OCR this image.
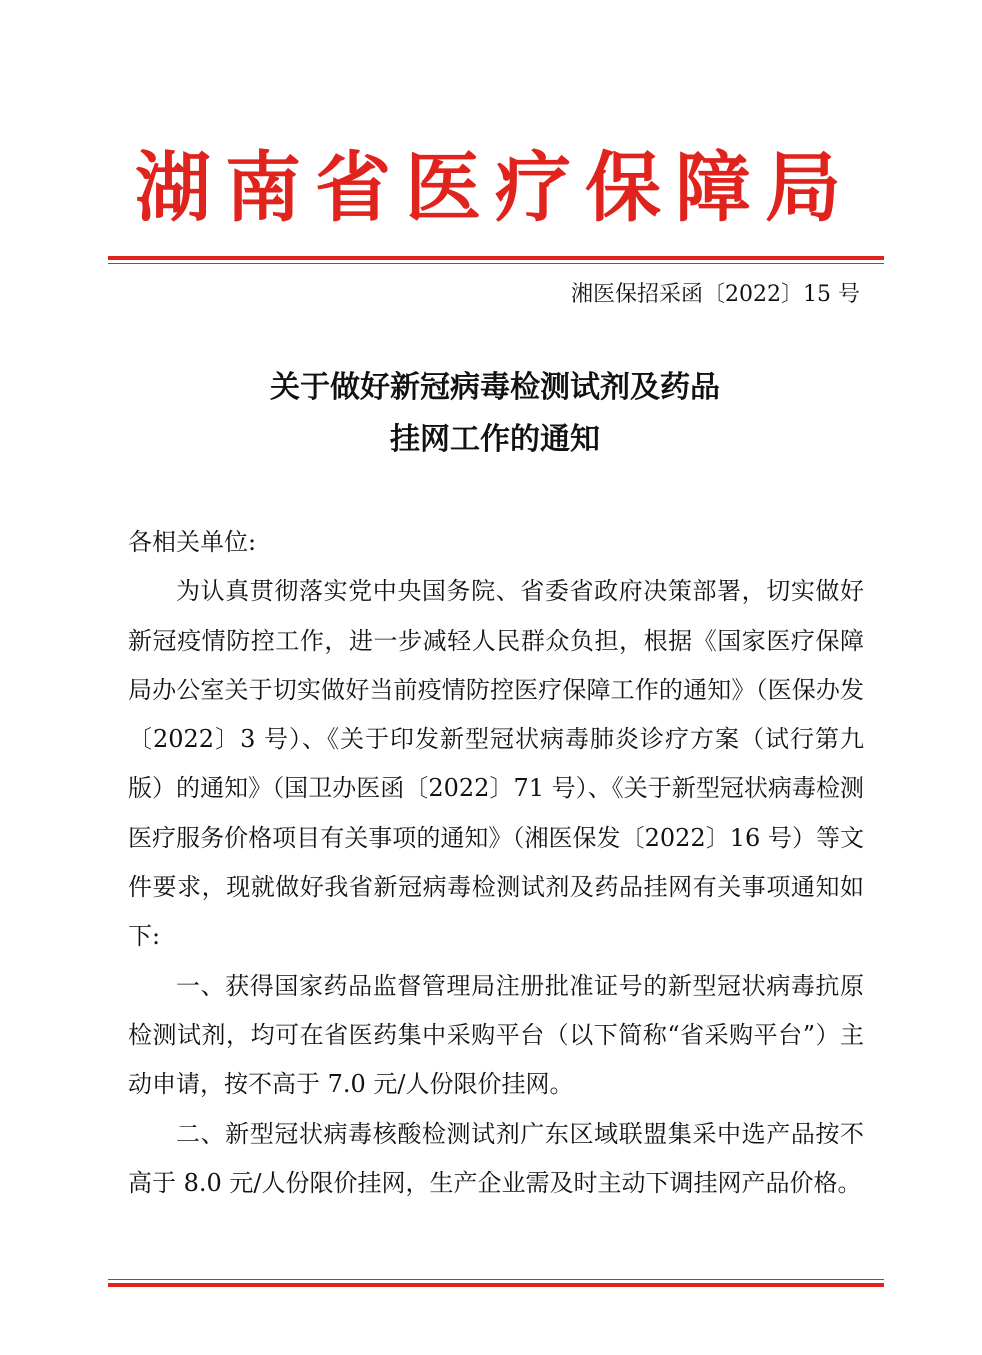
湖南省医疗保障局
湘医保招采函〔2022〕15 号
关于做好新冠病毒检测试剂及药品
挂网工作的通知

各相关单位:

为认真贯彻落实党中央国务院、省委省政府决策部署，切实做好新冠疫情防控工作，进一步减轻人民群众负担，根据《国家医疗保障局办公室关于切实做好当前疫情防控医疗保障工作的通知》（医保办发〔2022〕3 号）、《关于印发新型冠状病毒肺炎诊疗方案（试行第九版）的通知》（国卫办医函〔2022〕71 号）、《关于新型冠状病毒检测医疗服务价格项目有关事项的通知》（湘医保发〔2022〕16 号）等文件要求，现就做好我省新冠病毒检测试剂及药品挂网有关事项通知如下:

一、获得国家药品监督管理局注册批准证号的新型冠状病毒抗原检测试剂，均可在省医药集中采购平台（以下简称“省采购平台”）主动申请，按不高于 7.0 元/人份限价挂网。

二、新型冠状病毒核酸检测试剂广东区域联盟集采中选产品按不高于 8.0 元/人份限价挂网，生产企业需及时主动下调挂网产品价格。
